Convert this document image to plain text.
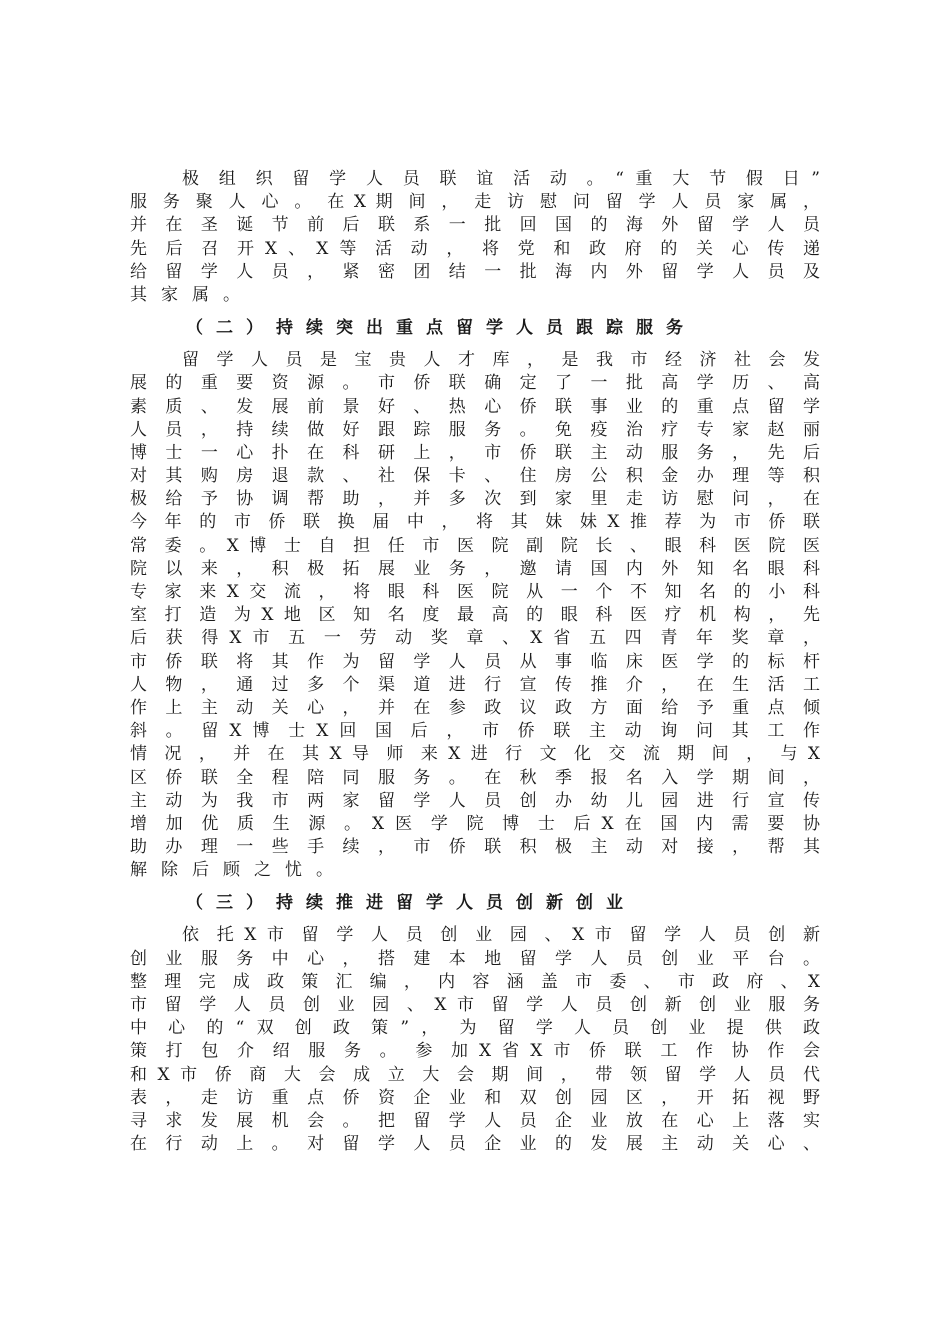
极 组 织 留 学 人 员 联 谊 活 动 。 “ 重 大 节 假 日 ”
服 务 聚 人 心 。 在 X 期 间 ， 走 访 慰 问 留 学 人 员 家 属 ，
并 在 圣 诞 节 前 后 联 系 一 批 回 国 的 海 外 留 学 人 员
先 后 召 开 X 、 X 等 活 动 ， 将 党 和 政 府 的 关 心 传 递
给 留 学 人 员 ， 紧 密 团 结 一 批 海 内 外 留 学 人 员 及
其家属。
（二）持续突出重点留学人员跟踪服务
留 学 人 员 是 宝 贵 人 才 库 ， 是 我 市 经 济 社 会 发
展 的 重 要 资 源 。 市 侨 联 确 定 了 一 批 高 学 历 、 高
素 质 、 发 展 前 景 好 、 热 心 侨 联 事 业 的 重 点 留 学
人 员 ， 持 续 做 好 跟 踪 服 务 。 免 疫 治 疗 专 家 赵 丽
博 士 一 心 扑 在 科 研 上 ， 市 侨 联 主 动 服 务 ， 先 后
对 其 购 房 退 款 、 社 保 卡 、 住 房 公 积 金 办 理 等 积
极 给 予 协 调 帮 助 ， 并 多 次 到 家 里 走 访 慰 问 ， 在
今 年 的 市 侨 联 换 届 中 ， 将 其 妹 妹 X 推 荐 为 市 侨 联
常 委 。 X 博 士 自 担 任 市 医 院 副 院 长 、 眼 科 医 院 医
院 以 来 ， 积 极 拓 展 业 务 ， 邀 请 国 内 外 知 名 眼 科
专 家 来 X 交 流 ， 将 眼 科 医 院 从 一 个 不 知 名 的 小 科
室 打 造 为 X 地 区 知 名 度 最 高 的 眼 科 医 疗 机 构 ， 先
后 获 得 X 市 五 一 劳 动 奖 章 、 X 省 五 四 青 年 奖 章 ，
市 侨 联 将 其 作 为 留 学 人 员 从 事 临 床 医 学 的 标 杆
人 物 ， 通 过 多 个 渠 道 进 行 宣 传 推 介 ， 在 生 活 工
作 上 主 动 关 心 ， 并 在 参 政 议 政 方 面 给 予 重 点 倾
斜 。 留 X 博 士 X 回 国 后 ， 市 侨 联 主 动 询 问 其 工 作
情 况 ， 并 在 其 X 导 师 来 X 进 行 文 化 交 流 期 间 ， 与 X
区 侨 联 全 程 陪 同 服 务 。 在 秋 季 报 名 入 学 期 间 ，
主 动 为 我 市 两 家 留 学 人 员 创 办 幼 儿 园 进 行 宣 传
增 加 优 质 生 源 。 X 医 学 院 博 士 后 X 在 国 内 需 要 协
助 办 理 一 些 手 续 ， 市 侨 联 积 极 主 动 对 接 ， 帮 其
解除后顾之忧。
（三）持续推进留学人员创新创业
依 托 X 市 留 学 人 员 创 业 园 、 X 市 留 学 人 员 创 新
创 业 服 务 中 心 ， 搭 建 本 地 留 学 人 员 创 业 平 台 。
整 理 完 成 政 策 汇 编 ， 内 容 涵 盖 市 委 、 市 政 府 、 X
市 留 学 人 员 创 业 园 、 X 市 留 学 人 员 创 新 创 业 服 务
中 心 的 “ 双 创 政 策 ” ， 为 留 学 人 员 创 业 提 供 政
策 打 包 介 绍 服 务 。 参 加 X 省 X 市 侨 联 工 作 协 作 会
和 X 市 侨 商 大 会 成 立 大 会 期 间 ， 带 领 留 学 人 员 代
表 ， 走 访 重 点 侨 资 企 业 和 双 创 园 区 ， 开 拓 视 野
寻 求 发 展 机 会 。 把 留 学 人 员 企 业 放 在 心 上 落 实
在 行 动 上 。 对 留 学 人 员 企 业 的 发 展 主 动 关 心 、
